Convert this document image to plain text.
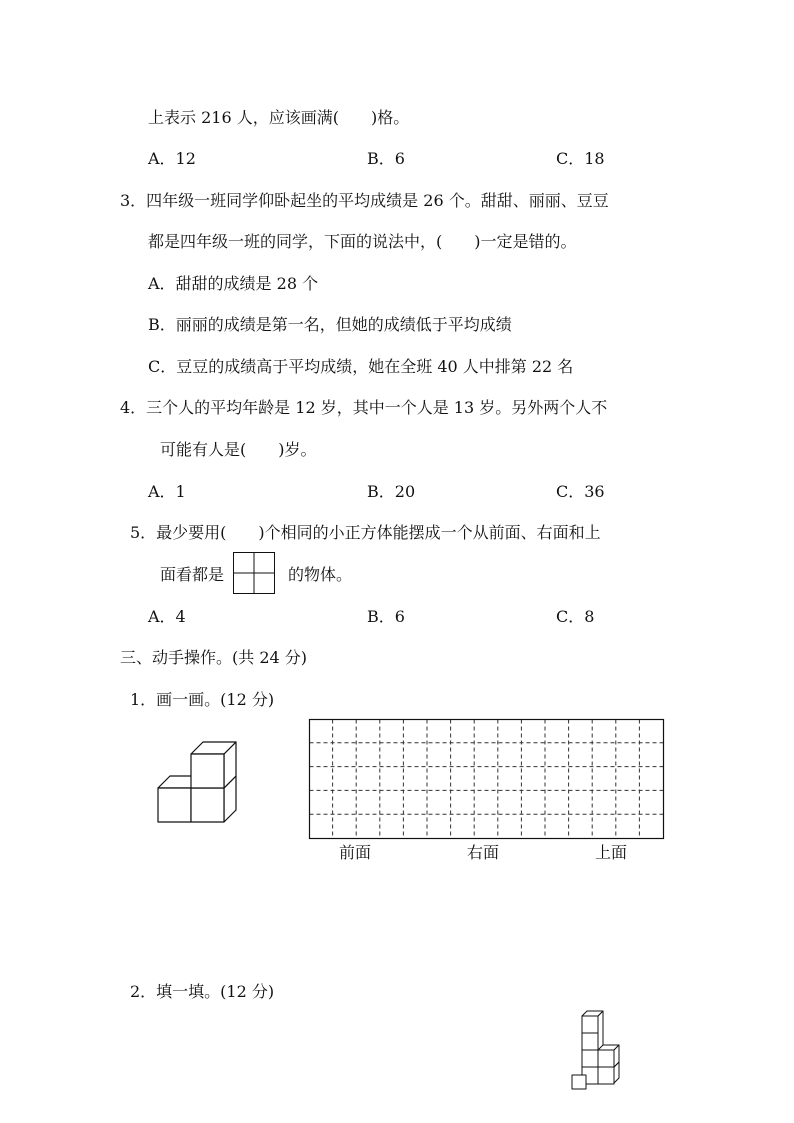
上表示 216 人，应该画满(　　)格。
A．12	B．6	C．18
3．四年级一班同学仰卧起坐的平均成绩是 26 个。甜甜、丽丽、豆豆
都是四年级一班的同学，下面的说法中，(　　)一定是错的。
A．甜甜的成绩是 28 个
B．丽丽的成绩是第一名，但她的成绩低于平均成绩
C．豆豆的成绩高于平均成绩，她在全班 40 人中排第 22 名
4．三个人的平均年龄是 12 岁，其中一个人是 13 岁。另外两个人不
可能有人是(　　)岁。
A．1	B．20	C．36
5．最少要用(　　)个相同的小正方体能摆成一个从前面、右面和上
面看都是	的物体。
A．4	B．6	C．8
三、动手操作。(共 24 分)
1．画一画。(12 分)
前面	右面	上面
2．填一填。(12 分)
